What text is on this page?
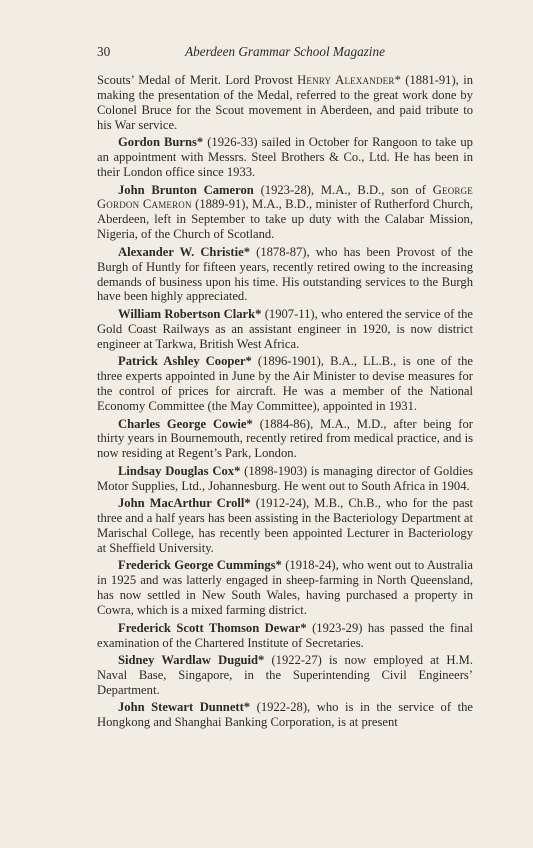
30	Aberdeen Grammar School Magazine

Scouts’ Medal of Merit. Lord Provost Henry Alexander* (1881-91), in making the presentation of the Medal, referred to the great work done by Colonel Bruce for the Scout movement in Aberdeen, and paid tribute to his War service.

Gordon Burns* (1926-33) sailed in October for Rangoon to take up an appointment with Messrs. Steel Brothers & Co., Ltd. He has been in their London office since 1933.

John Brunton Cameron (1923-28), M.A., B.D., son of George Gordon Cameron (1889-91), M.A., B.D., minister of Rutherford Church, Aberdeen, left in September to take up duty with the Calabar Mission, Nigeria, of the Church of Scotland.

Alexander W. Christie* (1878-87), who has been Provost of the Burgh of Huntly for fifteen years, recently retired owing to the increasing demands of business upon his time. His outstanding services to the Burgh have been highly appreciated.

William Robertson Clark* (1907-11), who entered the service of the Gold Coast Railways as an assistant engineer in 1920, is now district engineer at Tarkwa, British West Africa.

Patrick Ashley Cooper* (1896-1901), B.A., LL.B., is one of the three experts appointed in June by the Air Minister to devise measures for the control of prices for aircraft. He was a member of the National Economy Committee (the May Committee), appointed in 1931.

Charles George Cowie* (1884-86), M.A., M.D., after being for thirty years in Bournemouth, recently retired from medical practice, and is now residing at Regent’s Park, London.

Lindsay Douglas Cox* (1898-1903) is managing director of Goldies Motor Supplies, Ltd., Johannesburg. He went out to South Africa in 1904.

John MacArthur Croll* (1912-24), M.B., Ch.B., who for the past three and a half years has been assisting in the Bacteriology Department at Marischal College, has recently been appointed Lecturer in Bacteriology at Sheffield University.

Frederick George Cummings* (1918-24), who went out to Australia in 1925 and was latterly engaged in sheep-farming in North Queensland, has now settled in New South Wales, having purchased a property in Cowra, which is a mixed farming district.

Frederick Scott Thomson Dewar* (1923-29) has passed the final examination of the Chartered Institute of Secretaries.

Sidney Wardlaw Duguid* (1922-27) is now employed at H.M. Naval Base, Singapore, in the Superintending Civil Engineers’ Department.

John Stewart Dunnett* (1922-28), who is in the service of the Hongkong and Shanghai Banking Corporation, is at present
